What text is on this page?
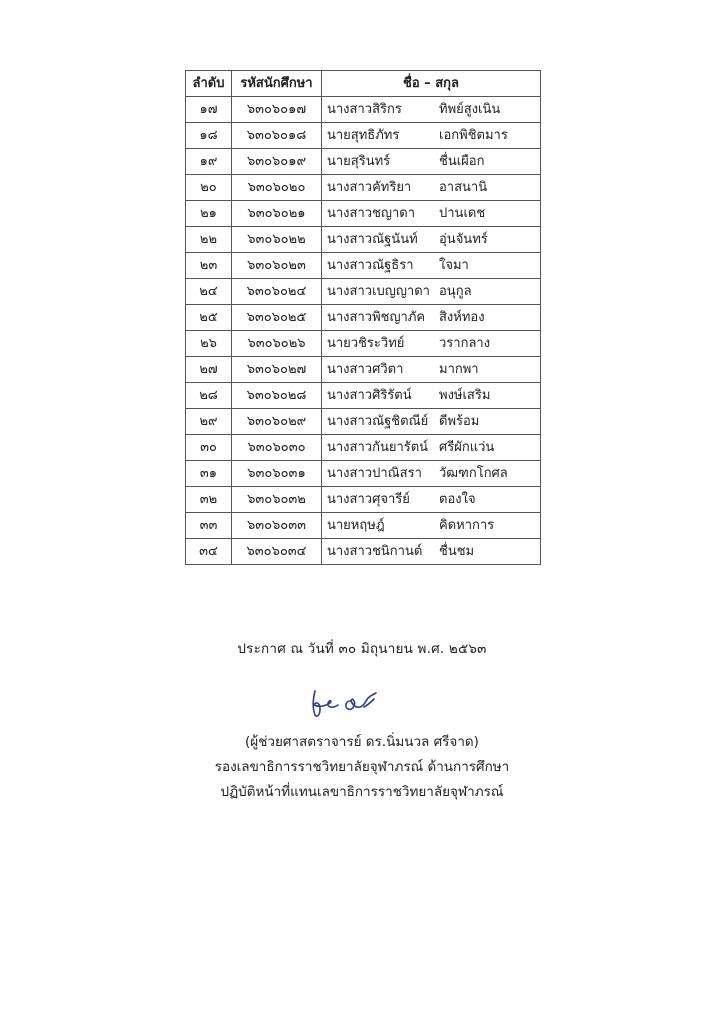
ลำดับ	รหัสนักศึกษา	ชื่อ – สกุล
๑๗	๖๓๐๖๐๑๗	นางสาวสิริกร ทิพย์สูงเนิน
๑๘	๖๓๐๖๐๑๘	นายสุทธิภัทร เอกพิชิตมาร
๑๙	๖๓๐๖๐๑๙	นายสุรินทร์ ชื่นเผือก
๒๐	๖๓๐๖๐๒๐	นางสาวคัทริยา อาสนานิ
๒๑	๖๓๐๖๐๒๑	นางสาวชญาดา ปานเดช
๒๒	๖๓๐๖๐๒๒	นางสาวณัฐนันท์ อุ่นจันทร์
๒๓	๖๓๐๖๐๒๓	นางสาวณัฐธิรา ใจมา
๒๔	๖๓๐๖๐๒๔	นางสาวเบญญาดา อนุกูล
๒๕	๖๓๐๖๐๒๕	นางสาวพิชญาภัค สิงห์ทอง
๒๖	๖๓๐๖๐๒๖	นายวชิระวิทย์ วรากลาง
๒๗	๖๓๐๖๐๒๗	นางสาวศวิตา มากพา
๒๘	๖๓๐๖๐๒๘	นางสาวศิริรัตน์ พงษ์เสริม
๒๙	๖๓๐๖๐๒๙	นางสาวณัฐชิตณีย์ ดีพร้อม
๓๐	๖๓๐๖๐๓๐	นางสาวกันยารัตน์ ศรีผักแว่น
๓๑	๖๓๐๖๐๓๑	นางสาวปาณิสรา วัฒฑกโกศล
๓๒	๖๓๐๖๐๓๒	นางสาวศุจารีย์ ตองใจ
๓๓	๖๓๐๖๐๓๓	นายหฤษฎ์ คิดหาการ
๓๔	๖๓๐๖๐๓๔	นางสาวชนิกานต์ ชื่นชม
ประกาศ ณ วันที่ ๓๐ มิถุนายน พ.ศ. ๒๕๖๓
(ผู้ช่วยศาสตราจารย์ ดร.นิ่มนวล ศรีจาด)
รองเลขาธิการราชวิทยาลัยจุฬาภรณ์ ด้านการศึกษา
ปฏิบัติหน้าที่แทนเลขาธิการราชวิทยาลัยจุฬาภรณ์
